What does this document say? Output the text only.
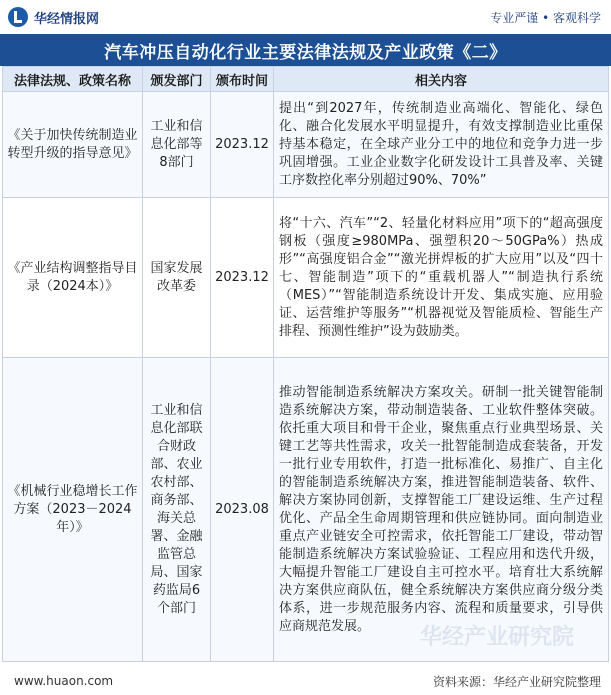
华经情报网	专业严谨 • 客观科学
汽车冲压自动化行业主要法律法规及产业政策《二》
法律法规、政策名称	颁发部门	颁布时间	相关内容
《关于加快传统制造业转型升级的指导意见》	工业和信息化部等8部门	2023.12	提出“到2027年，传统制造业高端化、智能化、绿色化、融合化发展水平明显提升，有效支撑制造业比重保持基本稳定，在全球产业分工中的地位和竞争力进一步巩固增强。工业企业数字化研发设计工具普及率、关键工序数控化率分别超过90%、70%”
《产业结构调整指导目录（2024本）》	国家发展改革委	2023.12	将“十六、汽车”“2、轻量化材料应用”项下的“超高强度钢板（强度≥980MPa、强塑积20～50GPa%）热成形”“高强度铝合金”“激光拼焊板的扩大应用”以及“四十七、智能制造”项下的“重载机器人”“制造执行系统（MES）”“智能制造系统设计开发、集成实施、应用验证、运营维护等服务”“机器视觉及智能质检、智能生产排程、预测性维护”设为鼓励类。
《机械行业稳增长工作方案（2023－2024年）》	工业和信息化部联合财政部、农业农村部、商务部、海关总署、金融监管总局、国家药监局6个部门	2023.08	推动智能制造系统解决方案攻关。研制一批关键智能制造系统解决方案，带动制造装备、工业软件整体突破。依托重大项目和骨干企业，聚焦重点行业典型场景、关键工艺等共性需求，攻关一批智能制造成套装备，开发一批行业专用软件，打造一批标准化、易推广、自主化的智能制造系统解决方案，推进智能制造装备、软件、解决方案协同创新，支撑智能工厂建设运维、生产过程优化、产品全生命周期管理和供应链协同。面向制造业重点产业链安全可控需求，依托智能工厂建设，带动智能制造系统解决方案试验验证、工程应用和迭代升级，大幅提升智能工厂建设自主可控水平。培育壮大系统解决方案供应商队伍，健全系统解决方案供应商分级分类体系，进一步规范服务内容、流程和质量要求，引导供应商规范发展。
www.huaon.com	资料来源：华经产业研究院整理
